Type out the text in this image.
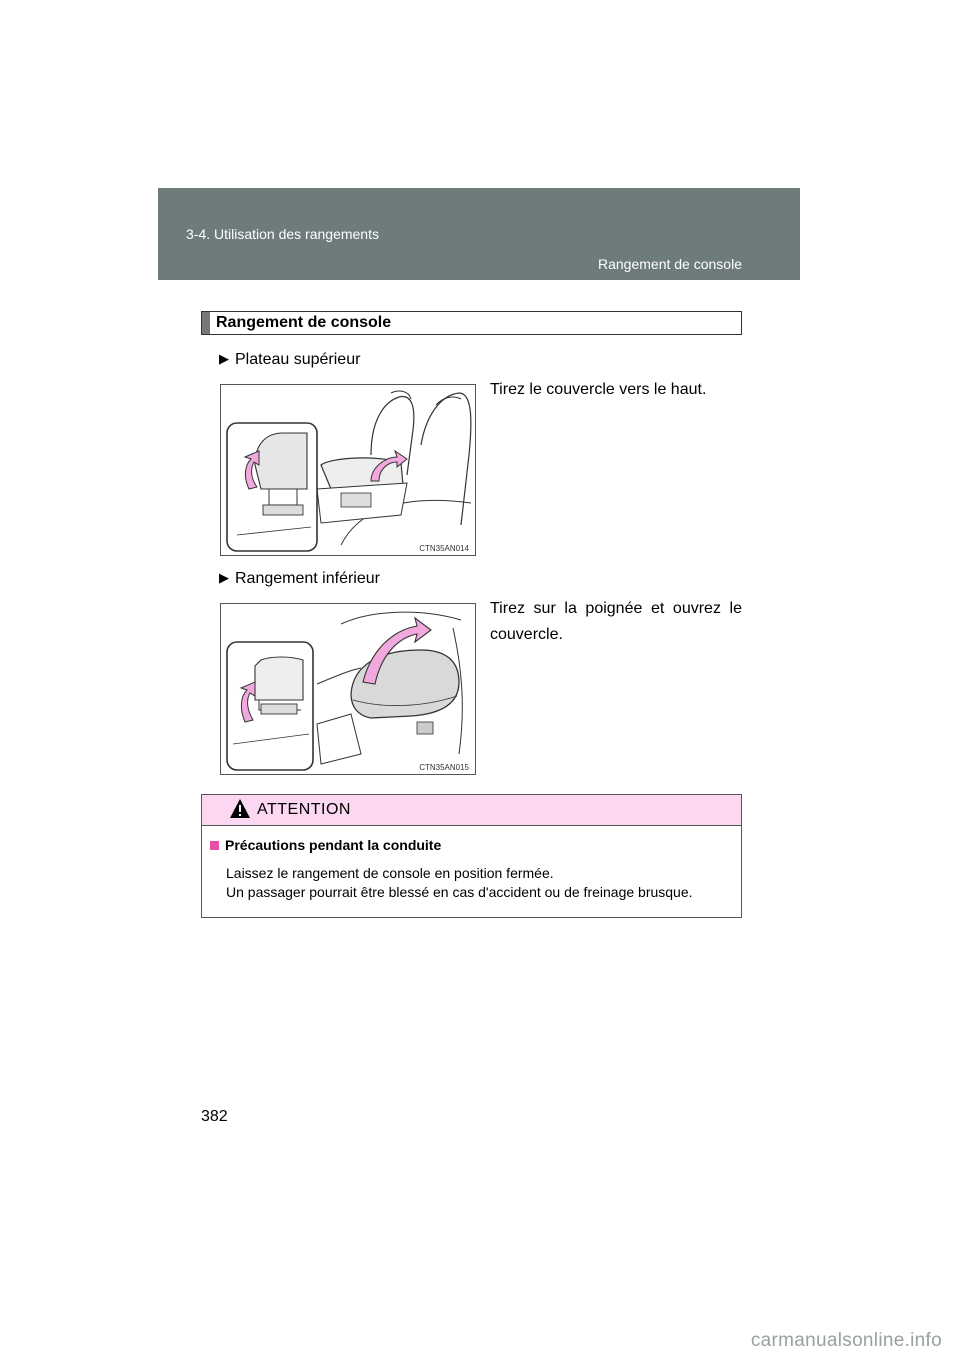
3-4. Utilisation des rangements
Rangement de console
Rangement de console
▶ Plateau supérieur
Tirez le couvercle vers le haut.
CTN35AN014
▶ Rangement inférieur
Tirez sur la poignée et ouvrez le couvercle.
CTN35AN015
ATTENTION
Précautions pendant la conduite
Laissez le rangement de console en position fermée.
Un passager pourrait être blessé en cas d'accident ou de freinage brusque.
382
carmanualsonline.info
